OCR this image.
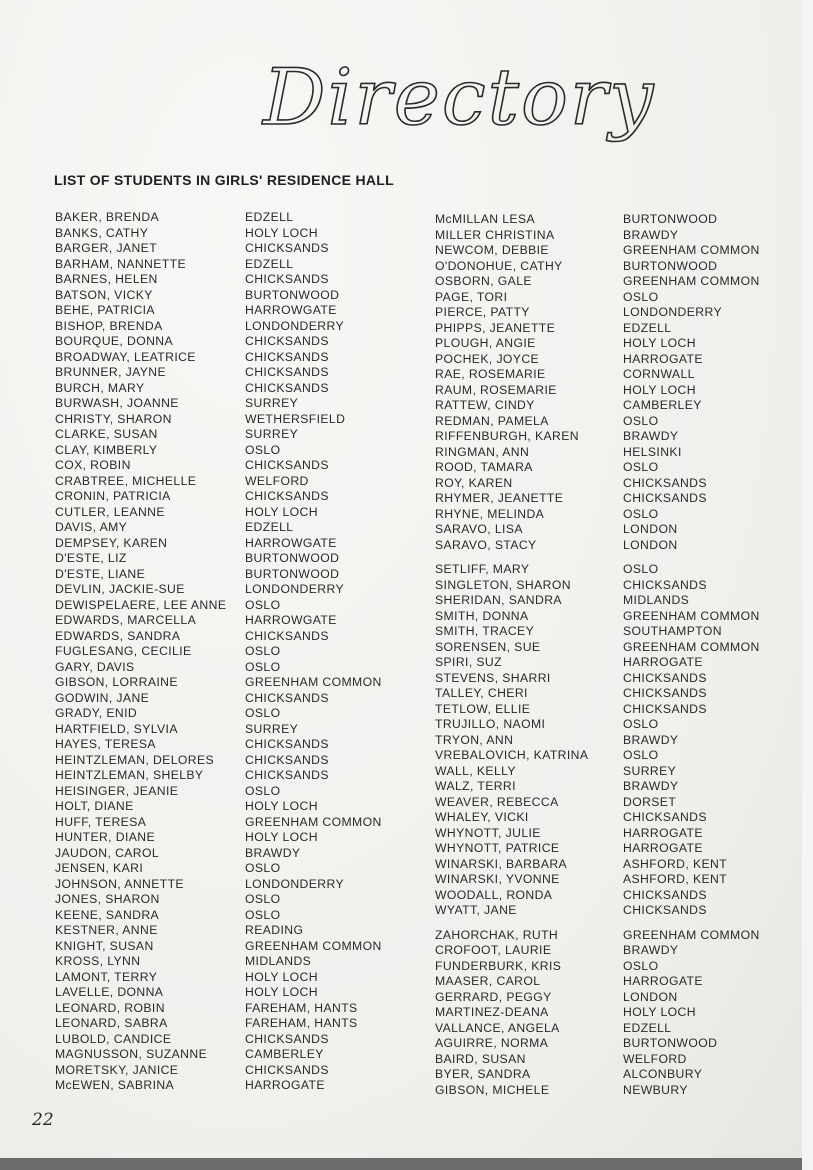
Directory
LIST OF STUDENTS IN GIRLS' RESIDENCE HALL
BAKER, BRENDA
BANKS, CATHY
BARGER, JANET
BARHAM, NANNETTE
BARNES, HELEN
BATSON, VICKY
BEHE, PATRICIA
BISHOP, BRENDA
BOURQUE, DONNA
BROADWAY, LEATRICE
BRUNNER, JAYNE
BURCH, MARY
BURWASH, JOANNE
CHRISTY, SHARON
CLARKE, SUSAN
CLAY, KIMBERLY
COX, ROBIN
CRABTREE, MICHELLE
CRONIN, PATRICIA
CUTLER, LEANNE
DAVIS, AMY
DEMPSEY, KAREN
D'ESTE, LIZ
D'ESTE, LIANE
DEVLIN, JACKIE-SUE
DEWISPELAERE, LEE ANNE
EDWARDS, MARCELLA
EDWARDS, SANDRA
FUGLESANG, CECILIE
GARY, DAVIS
GIBSON, LORRAINE
GODWIN, JANE
GRADY, ENID
HARTFIELD, SYLVIA
HAYES, TERESA
HEINTZLEMAN, DELORES
HEINTZLEMAN, SHELBY
HEISINGER, JEANIE
HOLT, DIANE
HUFF, TERESA
HUNTER, DIANE
JAUDON, CAROL
JENSEN, KARI
JOHNSON, ANNETTE
JONES, SHARON
KEENE, SANDRA
KESTNER, ANNE
KNIGHT, SUSAN
KROSS, LYNN
LAMONT, TERRY
LAVELLE, DONNA
LEONARD, ROBIN
LEONARD, SABRA
LUBOLD, CANDICE
MAGNUSSON, SUZANNE
MORETSKY, JANICE
McEWEN, SABRINA
EDZELL
HOLY LOCH
CHICKSANDS
EDZELL
CHICKSANDS
BURTONWOOD
HARROWGATE
LONDONDERRY
CHICKSANDS
CHICKSANDS
CHICKSANDS
CHICKSANDS
SURREY
WETHERSFIELD
SURREY
OSLO
CHICKSANDS
WELFORD
CHICKSANDS
HOLY LOCH
EDZELL
HARROWGATE
BURTONWOOD
BURTONWOOD
LONDONDERRY
OSLO
HARROWGATE
CHICKSANDS
OSLO
OSLO
GREENHAM COMMON
CHICKSANDS
OSLO
SURREY
CHICKSANDS
CHICKSANDS
CHICKSANDS
OSLO
HOLY LOCH
GREENHAM COMMON
HOLY LOCH
BRAWDY
OSLO
LONDONDERRY
OSLO
OSLO
READING
GREENHAM COMMON
MIDLANDS
HOLY LOCH
HOLY LOCH
FAREHAM, HANTS
FAREHAM, HANTS
CHICKSANDS
CAMBERLEY
CHICKSANDS
HARROGATE
McMILLAN LESA
MILLER CHRISTINA
NEWCOM, DEBBIE
O'DONOHUE, CATHY
OSBORN, GALE
PAGE, TORI
PIERCE, PATTY
PHIPPS, JEANETTE
PLOUGH, ANGIE
POCHEK, JOYCE
RAE, ROSEMARIE
RAUM, ROSEMARIE
RATTEW, CINDY
REDMAN, PAMELA
RIFFENBURGH, KAREN
RINGMAN, ANN
ROOD, TAMARA
ROY, KAREN
RHYMER, JEANETTE
RHYNE, MELINDA
SARAVO, LISA
SARAVO, STACY
SETLIFF, MARY
SINGLETON, SHARON
SHERIDAN, SANDRA
SMITH, DONNA
SMITH, TRACEY
SORENSEN, SUE
SPIRI, SUZ
STEVENS, SHARRI
TALLEY, CHERI
TETLOW, ELLIE
TRUJILLO, NAOMI
TRYON, ANN
VREBALOVICH, KATRINA
WALL, KELLY
WALZ, TERRI
WEAVER, REBECCA
WHALEY, VICKI
WHYNOTT, JULIE
WHYNOTT, PATRICE
WINARSKI, BARBARA
WINARSKI, YVONNE
WOODALL, RONDA
WYATT, JANE
ZAHORCHAK, RUTH
CROFOOT, LAURIE
FUNDERBURK, KRIS
MAASER, CAROL
GERRARD, PEGGY
MARTINEZ-DEANA
VALLANCE, ANGELA
AGUIRRE, NORMA
BAIRD, SUSAN
BYER, SANDRA
GIBSON, MICHELE
BURTONWOOD
BRAWDY
GREENHAM COMMON
BURTONWOOD
GREENHAM COMMON
OSLO
LONDONDERRY
EDZELL
HOLY LOCH
HARROGATE
CORNWALL
HOLY LOCH
CAMBERLEY
OSLO
BRAWDY
HELSINKI
OSLO
CHICKSANDS
CHICKSANDS
OSLO
LONDON
LONDON
OSLO
CHICKSANDS
MIDLANDS
GREENHAM COMMON
SOUTHAMPTON
GREENHAM COMMON
HARROGATE
CHICKSANDS
CHICKSANDS
CHICKSANDS
OSLO
BRAWDY
OSLO
SURREY
BRAWDY
DORSET
CHICKSANDS
HARROGATE
HARROGATE
ASHFORD, KENT
ASHFORD, KENT
CHICKSANDS
CHICKSANDS
GREENHAM COMMON
BRAWDY
OSLO
HARROGATE
LONDON
HOLY LOCH
EDZELL
BURTONWOOD
WELFORD
ALCONBURY
NEWBURY
22
